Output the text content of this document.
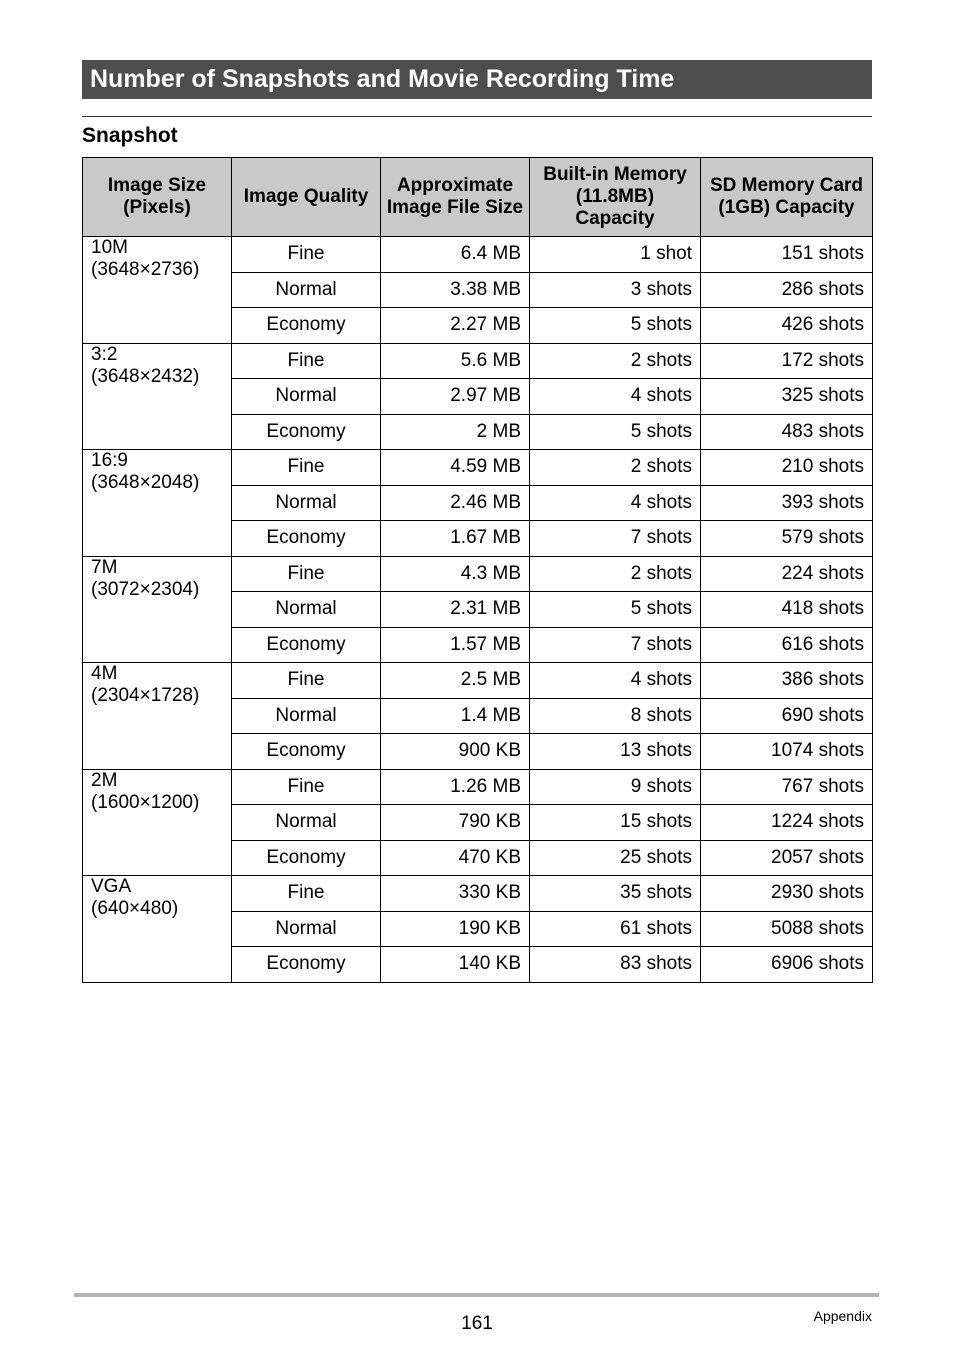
Number of Snapshots and Movie Recording Time
Snapshot
Image Size (Pixels)	Image Quality	Approximate Image File Size	Built-in Memory (11.8MB) Capacity	SD Memory Card (1GB) Capacity

10M
(3648×2736)	Fine	6.4 MB	1 shot	151 shots
	Normal	3.38 MB	3 shots	286 shots
	Economy	2.27 MB	5 shots	426 shots

3:2
(3648×2432)	Fine	5.6 MB	2 shots	172 shots
	Normal	2.97 MB	4 shots	325 shots
	Economy	2 MB	5 shots	483 shots

16:9
(3648×2048)	Fine	4.59 MB	2 shots	210 shots
	Normal	2.46 MB	4 shots	393 shots
	Economy	1.67 MB	7 shots	579 shots

7M
(3072×2304)	Fine	4.3 MB	2 shots	224 shots
	Normal	2.31 MB	5 shots	418 shots
	Economy	1.57 MB	7 shots	616 shots

4M
(2304×1728)	Fine	2.5 MB	4 shots	386 shots
	Normal	1.4 MB	8 shots	690 shots
	Economy	900 KB	13 shots	1074 shots

2M
(1600×1200)	Fine	1.26 MB	9 shots	767 shots
	Normal	790 KB	15 shots	1224 shots
	Economy	470 KB	25 shots	2057 shots

VGA
(640×480)	Fine	330 KB	35 shots	2930 shots
	Normal	190 KB	61 shots	5088 shots
	Economy	140 KB	83 shots	6906 shots
161	Appendix
